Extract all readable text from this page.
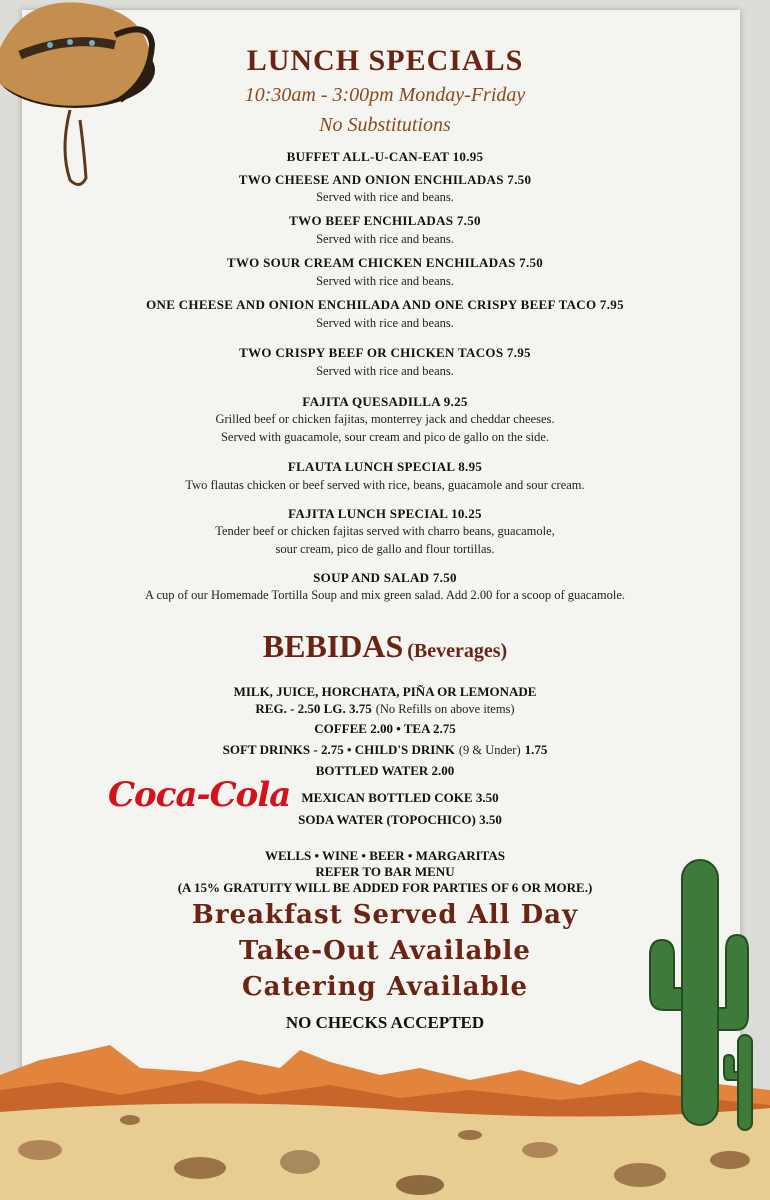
LUNCH SPECIALS
10:30am - 3:00pm Monday-Friday
No Substitutions
BUFFET ALL-U-CAN-EAT 10.95
TWO CHEESE AND ONION ENCHILADAS 7.50
Served with rice and beans.
TWO BEEF ENCHILADAS 7.50
Served with rice and beans.
TWO SOUR CREAM CHICKEN ENCHILADAS 7.50
Served with rice and beans.
ONE CHEESE AND ONION ENCHILADA AND ONE CRISPY BEEF TACO 7.95
Served with rice and beans.
TWO CRISPY BEEF OR CHICKEN TACOS 7.95
Served with rice and beans.
FAJITA QUESADILLA 9.25
Grilled beef or chicken fajitas, monterrey jack and cheddar cheeses.
Served with guacamole, sour cream and pico de gallo on the side.
FLAUTA LUNCH SPECIAL 8.95
Two flautas chicken or beef served with rice, beans, guacamole and sour cream.
FAJITA LUNCH SPECIAL 10.25
Tender beef or chicken fajitas served with charro beans, guacamole,
sour cream, pico de gallo and flour tortillas.
SOUP AND SALAD 7.50
A cup of our Homemade Tortilla Soup and mix green salad. Add 2.00 for a scoop of guacamole.
BEBIDAS (Beverages)
MILK, JUICE, HORCHATA, PIÑA OR LEMONADE
REG. - 2.50 LG. 3.75 (No Refills on above items)
COFFEE 2.00 • TEA 2.75
SOFT DRINKS - 2.75 • CHILD'S DRINK (9 & Under) 1.75
BOTTLED WATER 2.00
Coca-Cola MEXICAN BOTTLED COKE 3.50
SODA WATER (TOPOCHICO) 3.50
WELLS • WINE • BEER • MARGARITAS
REFER TO BAR MENU
(A 15% GRATUITY WILL BE ADDED FOR PARTIES OF 6 OR MORE.)
Breakfast Served All Day
Take-Out Available
Catering Available
NO CHECKS ACCEPTED
